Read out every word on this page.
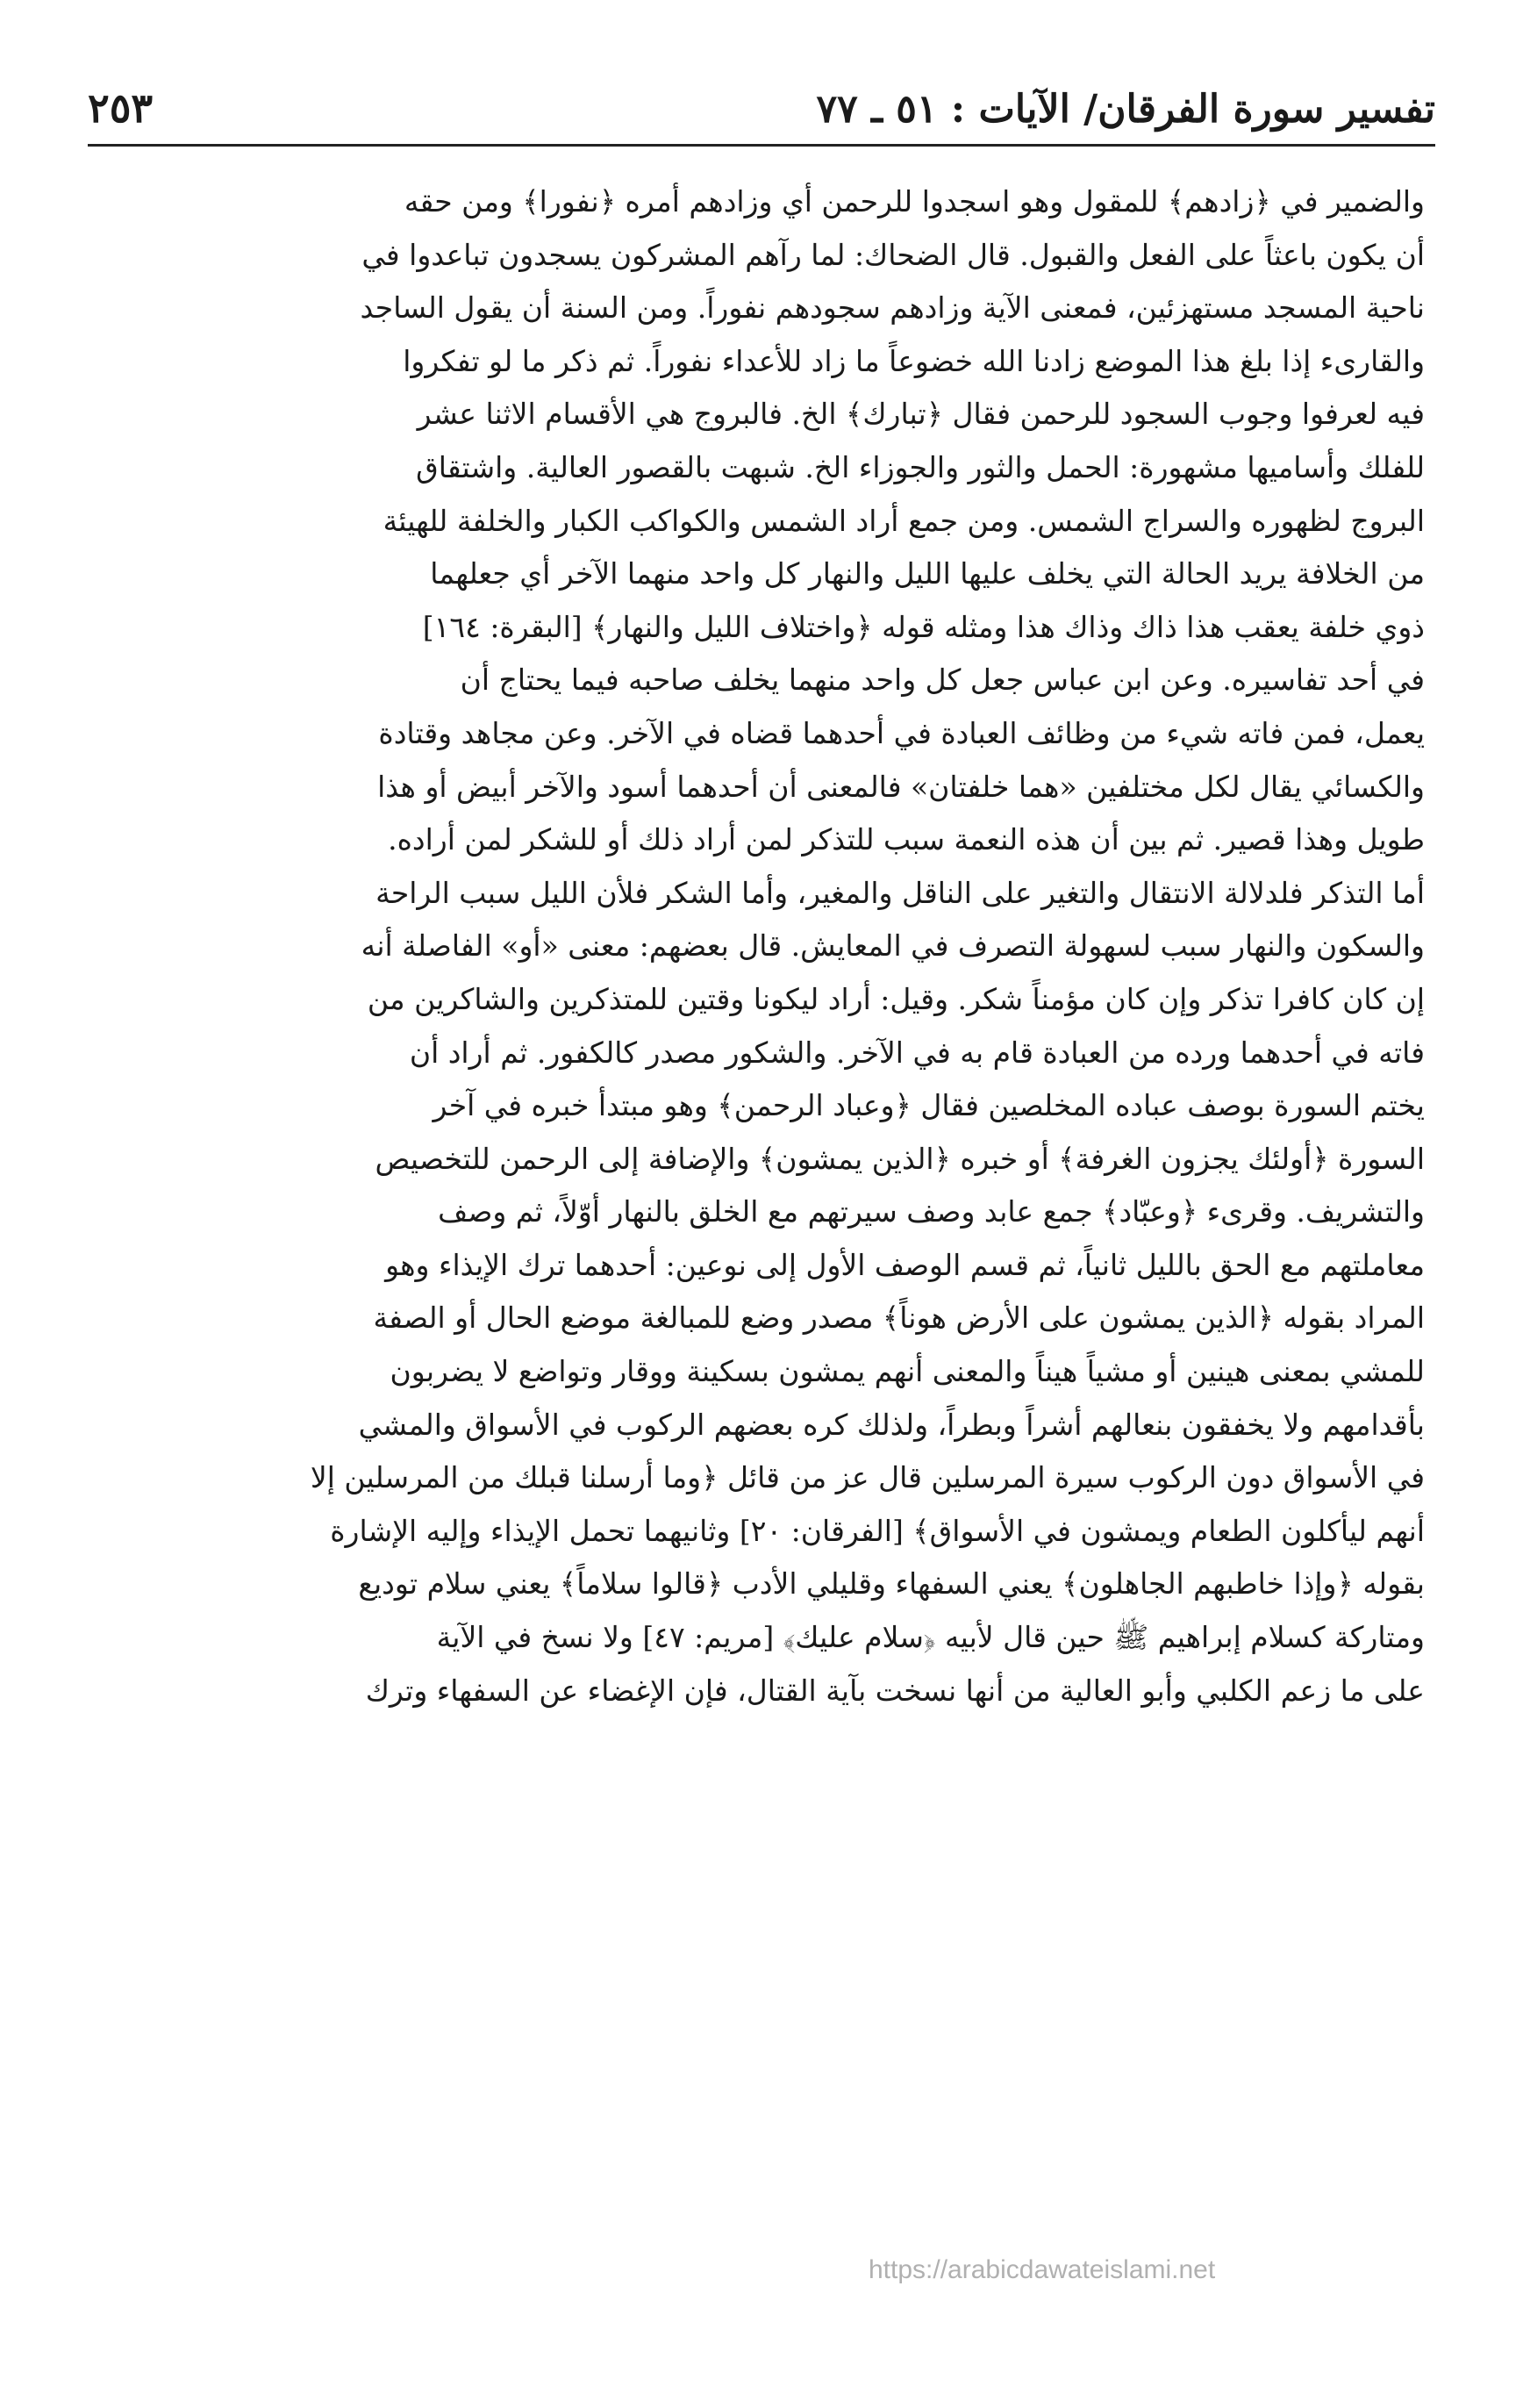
تفسير سورة الفرقان/ الآيات : ٥١ ـ ٧٧
٢٥٣
والضمير في ﴿زادهم﴾ للمقول وهو اسجدوا للرحمن أي وزادهم أمره ﴿نفورا﴾ ومن حقه
أن يكون باعثاً على الفعل والقبول. قال الضحاك: لما رآهم المشركون يسجدون تباعدوا في
ناحية المسجد مستهزئين، فمعنى الآية وزادهم سجودهم نفوراً. ومن السنة أن يقول الساجد
والقارىء إذا بلغ هذا الموضع زادنا الله خضوعاً ما زاد للأعداء نفوراً. ثم ذكر ما لو تفكروا
فيه لعرفوا وجوب السجود للرحمن فقال ﴿تبارك﴾ الخ. فالبروج هي الأقسام الاثنا عشر
للفلك وأساميها مشهورة: الحمل والثور والجوزاء الخ. شبهت بالقصور العالية. واشتقاق
البروج لظهوره والسراج الشمس. ومن جمع أراد الشمس والكواكب الكبار والخلفة للهيئة
من الخلافة يريد الحالة التي يخلف عليها الليل والنهار كل واحد منهما الآخر أي جعلهما
ذوي خلفة يعقب هذا ذاك وذاك هذا ومثله قوله ﴿واختلاف الليل والنهار﴾ [البقرة: ١٦٤]
في أحد تفاسيره. وعن ابن عباس جعل كل واحد منهما يخلف صاحبه فيما يحتاج أن
يعمل، فمن فاته شيء من وظائف العبادة في أحدهما قضاه في الآخر. وعن مجاهد وقتادة
والكسائي يقال لكل مختلفين «هما خلفتان» فالمعنى أن أحدهما أسود والآخر أبيض أو هذا
طويل وهذا قصير. ثم بين أن هذه النعمة سبب للتذكر لمن أراد ذلك أو للشكر لمن أراده.
أما التذكر فلدلالة الانتقال والتغير على الناقل والمغير، وأما الشكر فلأن الليل سبب الراحة
والسكون والنهار سبب لسهولة التصرف في المعايش. قال بعضهم: معنى «أو» الفاصلة أنه
إن كان كافرا تذكر وإن كان مؤمناً شكر. وقيل: أراد ليكونا وقتين للمتذكرين والشاكرين من
فاته في أحدهما ورده من العبادة قام به في الآخر. والشكور مصدر كالكفور. ثم أراد أن
يختم السورة بوصف عباده المخلصين فقال ﴿وعباد الرحمن﴾ وهو مبتدأ خبره في آخر
السورة ﴿أولئك يجزون الغرفة﴾ أو خبره ﴿الذين يمشون﴾ والإضافة إلى الرحمن للتخصيص
والتشريف. وقرىء ﴿وعبّاد﴾ جمع عابد وصف سيرتهم مع الخلق بالنهار أوّلاً، ثم وصف
معاملتهم مع الحق بالليل ثانياً، ثم قسم الوصف الأول إلى نوعين: أحدهما ترك الإيذاء وهو
المراد بقوله ﴿الذين يمشون على الأرض هوناً﴾ مصدر وضع للمبالغة موضع الحال أو الصفة
للمشي بمعنى هينين أو مشياً هيناً والمعنى أنهم يمشون بسكينة ووقار وتواضع لا يضربون
بأقدامهم ولا يخفقون بنعالهم أشراً وبطراً، ولذلك كره بعضهم الركوب في الأسواق والمشي
في الأسواق دون الركوب سيرة المرسلين قال عز من قائل ﴿وما أرسلنا قبلك من المرسلين إلا
أنهم ليأكلون الطعام ويمشون في الأسواق﴾ [الفرقان: ٢٠] وثانيهما تحمل الإيذاء وإليه الإشارة
بقوله ﴿وإذا خاطبهم الجاهلون﴾ يعني السفهاء وقليلي الأدب ﴿قالوا سلاماً﴾ يعني سلام توديع
ومتاركة كسلام إبراهيم ﷺ حين قال لأبيه ﴿سلام عليك﴾ [مريم: ٤٧] ولا نسخ في الآية
على ما زعم الكلبي وأبو العالية من أنها نسخت بآية القتال، فإن الإغضاء عن السفهاء وترك
https://arabicdawateislami.net
